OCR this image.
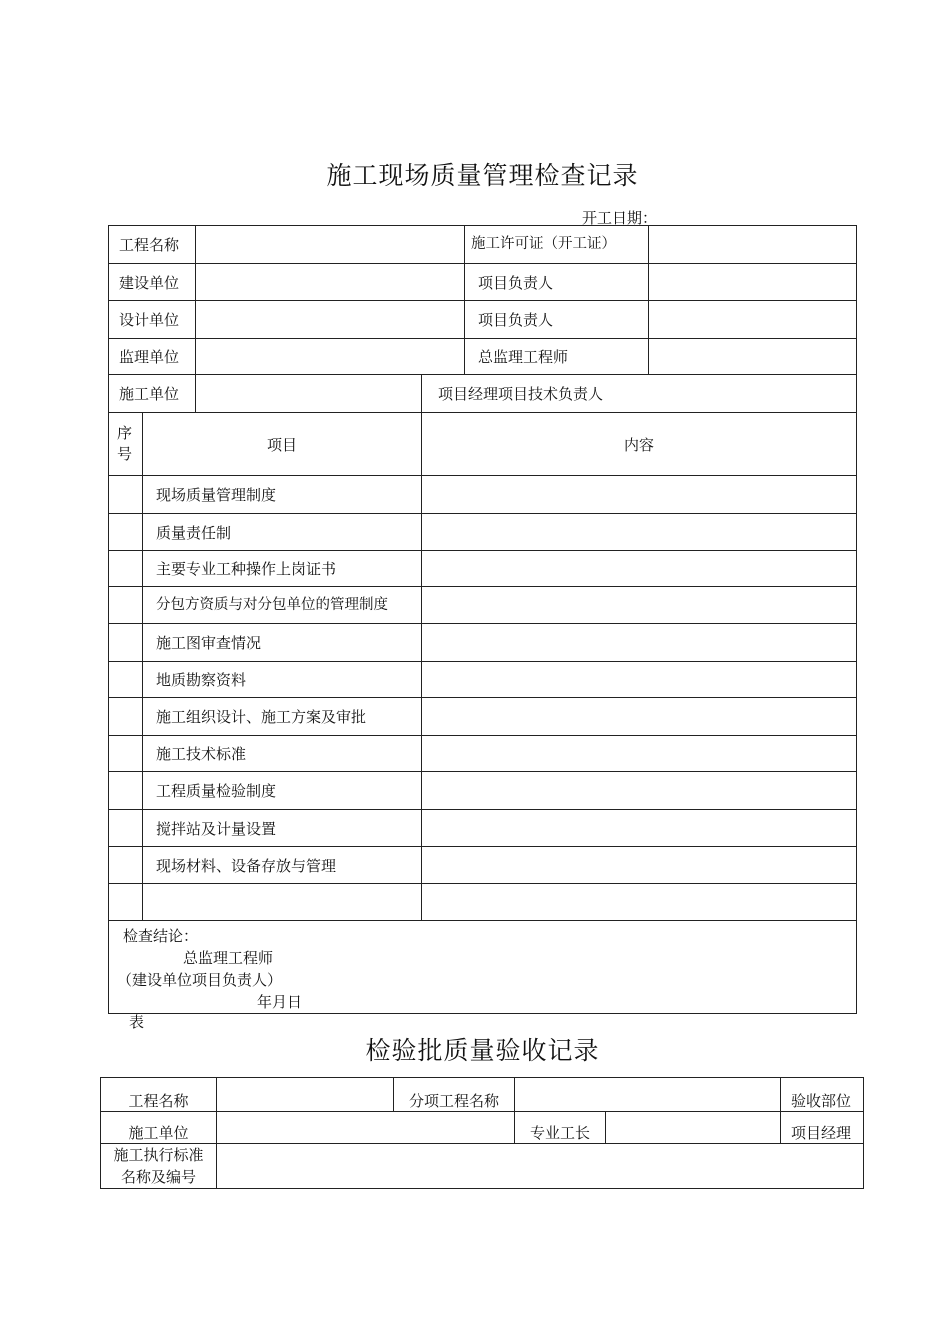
施工现场质量管理检查记录
开工日期：
工程名称				施工许可证（开工证）	
建设单位				项目负责人	
设计单位				项目负责人	
监理单位				总监理工程师	
施工单位			项目经理项目技术负责人		
序号	项目		内容		
	现场质量管理制度				
	质量责任制				
	主要专业工种操作上岗证书				
	分包方资质与对分包单位的管理制度				
	施工图审查情况				
	地质勘察资料				
	施工组织设计、施工方案及审批				
	施工技术标准				
	工程质量检验制度				
	搅拌站及计量设置				
	现场材料、设备存放与管理				

检查结论：
总监理工程师
（建设单位项目负责人）
年月日					
表
检验批质量验收记录
工程名称		分项工程名称			验收部位
施工单位			专业工长		项目经理

施工执行标准
名称及编号					
